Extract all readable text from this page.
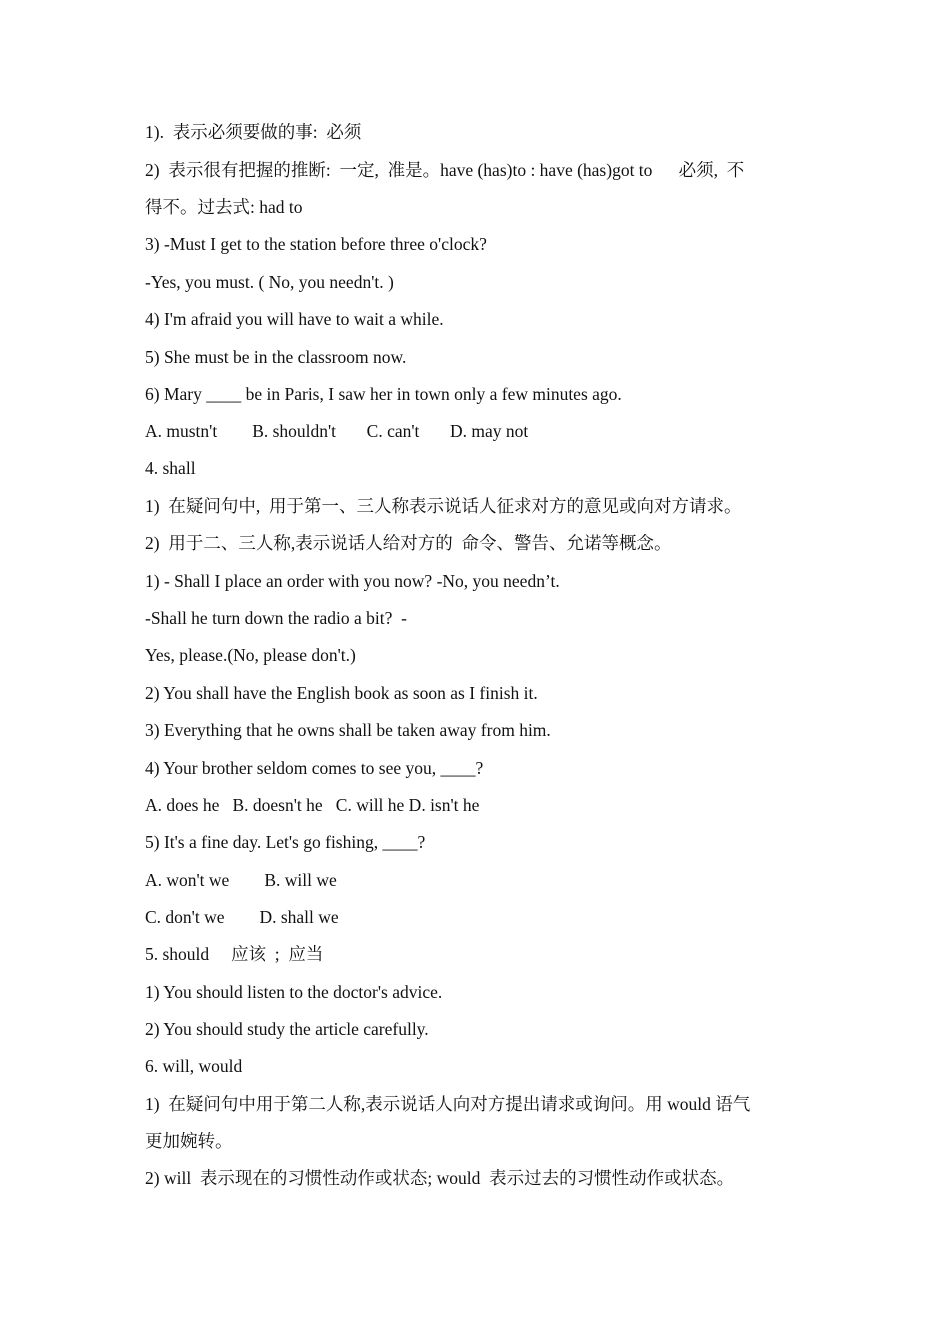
1).  表示必须要做的事:  必须
2)  表示很有把握的推断:  一定,  准是。have (has)to : have (has)got to      必须,  不
得不。过去式: had to
3) -Must I get to the station before three o'clock?
-Yes, you must. ( No, you needn't. )
4) I'm afraid you will have to wait a while.
5) She must be in the classroom now.
6) Mary ____ be in Paris, I saw her in town only a few minutes ago.
A. mustn't        B. shouldn't       C. can't       D. may not
4. shall
1)  在疑问句中,  用于第一、三人称表示说话人征求对方的意见或向对方请求。
2)  用于二、三人称,表示说话人给对方的  命令、警告、允诺等概念。
1) - Shall I place an order with you now? -No, you needn’t.
-Shall he turn down the radio a bit?  -
Yes, please.(No, please don't.)
2) You shall have the English book as soon as I finish it.
3) Everything that he owns shall be taken away from him.
4) Your brother seldom comes to see you, ____?
A. does he   B. doesn't he   C. will he D. isn't he
5) It's a fine day. Let's go fishing, ____?
A. won't we        B. will we
C. don't we        D. shall we
5. should     应该  ;  应当
1) You should listen to the doctor's advice.
2) You should study the article carefully.
6. will, would
1)  在疑问句中用于第二人称,表示说话人向对方提出请求或询问。用 would 语气
更加婉转。
2) will  表示现在的习惯性动作或状态; would  表示过去的习惯性动作或状态。
